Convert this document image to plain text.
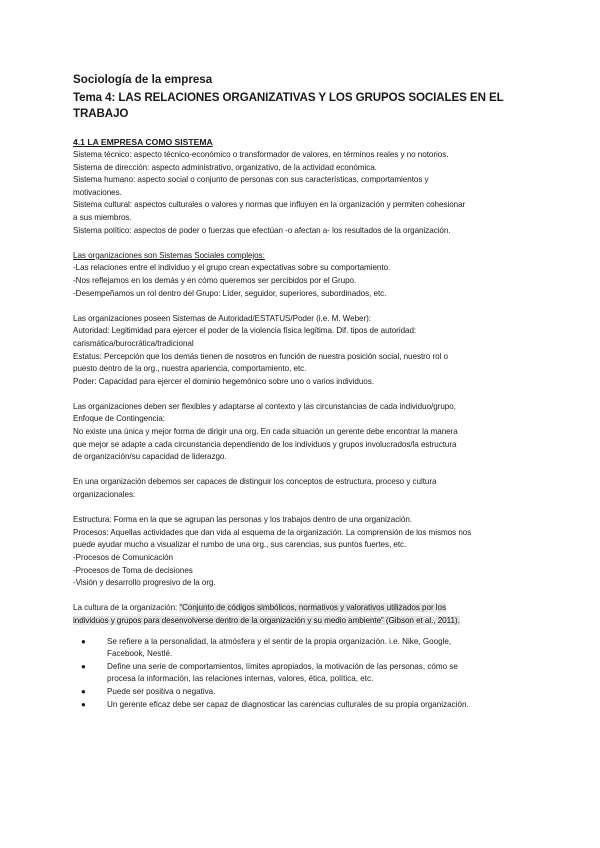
Sociología de la empresa
Tema 4: LAS RELACIONES ORGANIZATIVAS Y LOS GRUPOS SOCIALES EN EL TRABAJO
4.1 LA EMPRESA COMO SISTEMA

Sistema técnico: aspecto técnico-económico o transformador de valores, en términos reales y no notorios.

Sistema de dirección: aspecto administrativo, organizativo, de la actividad económica.

Sistema humano: aspecto social o conjunto de personas con sus características, comportamientos y

motivaciones.

Sistema cultural: aspectos culturales o valores y normas que influyen en la organización y permiten cohesionar

a sus miembros.

Sistema político: aspectos de poder o fuerzas que efectúan -o afectan a- los resultados de la organización.

Las organizaciones son Sistemas Sociales complejos:

-Las relaciones entre el individuo y el grupo crean expectativas sobre su comportamiento.

-Nos reflejamos en los demás y en cómo queremos ser percibidos por el Grupo.

-Desempeñamos un rol dentro del Grupo: Líder, seguidor, superiores, subordinados, etc.

Las organizaciones poseen Sistemas de Autoridad/ESTATUS/Poder (i.e. M. Weber):

Autoridad: Legitimidad para ejercer el poder de la violencia física legítima. Dif. tipos de autoridad:

carismática/burocrática/tradicional

Estatus: Percepción que los demás tienen de nosotros en función de nuestra posición social, nuestro rol o

puesto dentro de la org., nuestra apariencia, comportamiento, etc.

Poder: Capacidad para ejercer el dominio hegemónico sobre uno o varios individuos.

Las organizaciones deben ser flexibles y adaptarse al contexto y las circunstancias de cada individuo/grupo,

Enfoque de Contingencia:

No existe una única y mejor forma de dirigir una org. En cada situación un gerente debe encontrar la manera

que mejor se adapte a cada circunstancia dependiendo de los individuos y grupos involucrados/la estructura

de organización/su capacidad de liderazgo.

En una organización debemos ser capaces de distinguir los conceptos de estructura, proceso y cultura

organizacionales:

Estructura: Forma en la que se agrupan las personas y los trabajos dentro de una organización.

Procesos: Aquellas actividades que dan vida al esquema de la organización. La comprensión de los mismos nos

puede ayudar mucho a visualizar el rumbo de una org., sus carencias, sus puntos fuertes, etc.

-Procesos de Comunicación

-Procesos de Toma de decisiones

-Visión y desarrollo progresivo de la org.

La cultura de la organización: “Conjunto de códigos simbólicos, normativos y valorativos utilizados por los

individuos y grupos para desenvolverse dentro de la organización y su medio ambiente” (Gibson et al., 2011).

●	Se refiere a la personalidad, la atmósfera y el sentir de la propia organización. i.e. Nike, Google,
Facebook, Nestlé.
●	Define una serie de comportamientos, límites apropiados, la motivación de las personas, cómo se
procesa la información, las relaciones internas, valores, ética, política, etc.
●	Puede ser positiva o negativa.
●	Un gerente eficaz debe ser capaz de diagnosticar las carencias culturales de su propia organización.
